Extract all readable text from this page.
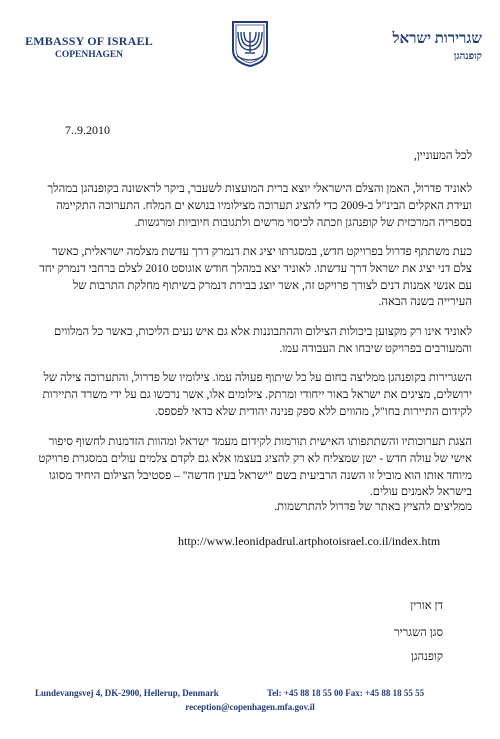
EMBASSY OF ISRAEL
COPENHAGEN
שגרירות ישראל
קופנהגן
7..9.2010
לכל המעוניין,
לאוניד פדרול, האמן והצלם הישראלי יוצא ברית המועצות לשעבר, ביקר לראשונה בקופנהגן במהלך ועידת האקלים הבינ"ל ב-2009 כדי להציג תערוכה מצילומיו בנושא ים המלח. התערוכה התקיימה בספריה המרכזית של קופנהגן וזכתה לכיסוי מרשים ולתגובות חיוביות ומרגשות.
כעת משתתף פדרול בפרויקט חדש, במסגרתו יציג את דנמרק דרך עדשת מצלמה ישראלית, כאשר צלם דני יציג את ישראל דרך עדשתו. לאוניד יצא במהלך חודש אוגוסט 2010 לצלם ברחבי דנמרק יחד עם אנשי אמנות דנים לצורך פרויקט זה, אשר יוצג בבירת דנמרק בשיתוף מחלקת התרבות של העירייה בשנה הבאה.
לאוניד אינו רק מקצוען ביכולות הצילום וההתבוננות אלא גם איש נעים הליכות, כאשר כל המלווים והמעורבים בפרויקט שיבחו את העבודה עמו.
השגרירות בקופנהגן ממליצה בחום על כל שיתוף פעולה עמו. צילומיו של פדרול, והתערוכה צילה של ירושלים, מציגים את ישראל באור ייחודי ומרתק. צילומים אלו, אשר נרכשו גם על ידי משרד התיירות לקידום התיירות בחו"ל, מהווים ללא ספק פנינה יהודית שלא כדאי לפספס.
הצגת תערוכותיו והשתתפותו האישית תורמות לקידום מעמד ישראל ומהוות הזדמנות לחשוף סיפור אישי של עולה חדש - ישן שמצליח לא רק להציג בעצמו אלא גם לקדם צלמים עולים במסגרת פרויקט מיוחד אותו הוא מוביל זו השנה הרביעית בשם "ישראל בעין חדשה" – פסטיבל הצילום היחיד מסוגו בישראל לאמנים עולים.
ממליצים להציץ באתר של פדרול להתרשמות.
http://www.leonidpadrul.artphotoisrael.co.il/index.htm
דן אורין
סגן השגריר
קופנהגן
Lundevangsvej 4, DK-2900, Hellerup, Denmark	Tel: +45 88 18 55 00 Fax: +45 88 18 55 55
reception@copenhagen.mfa.gov.il
